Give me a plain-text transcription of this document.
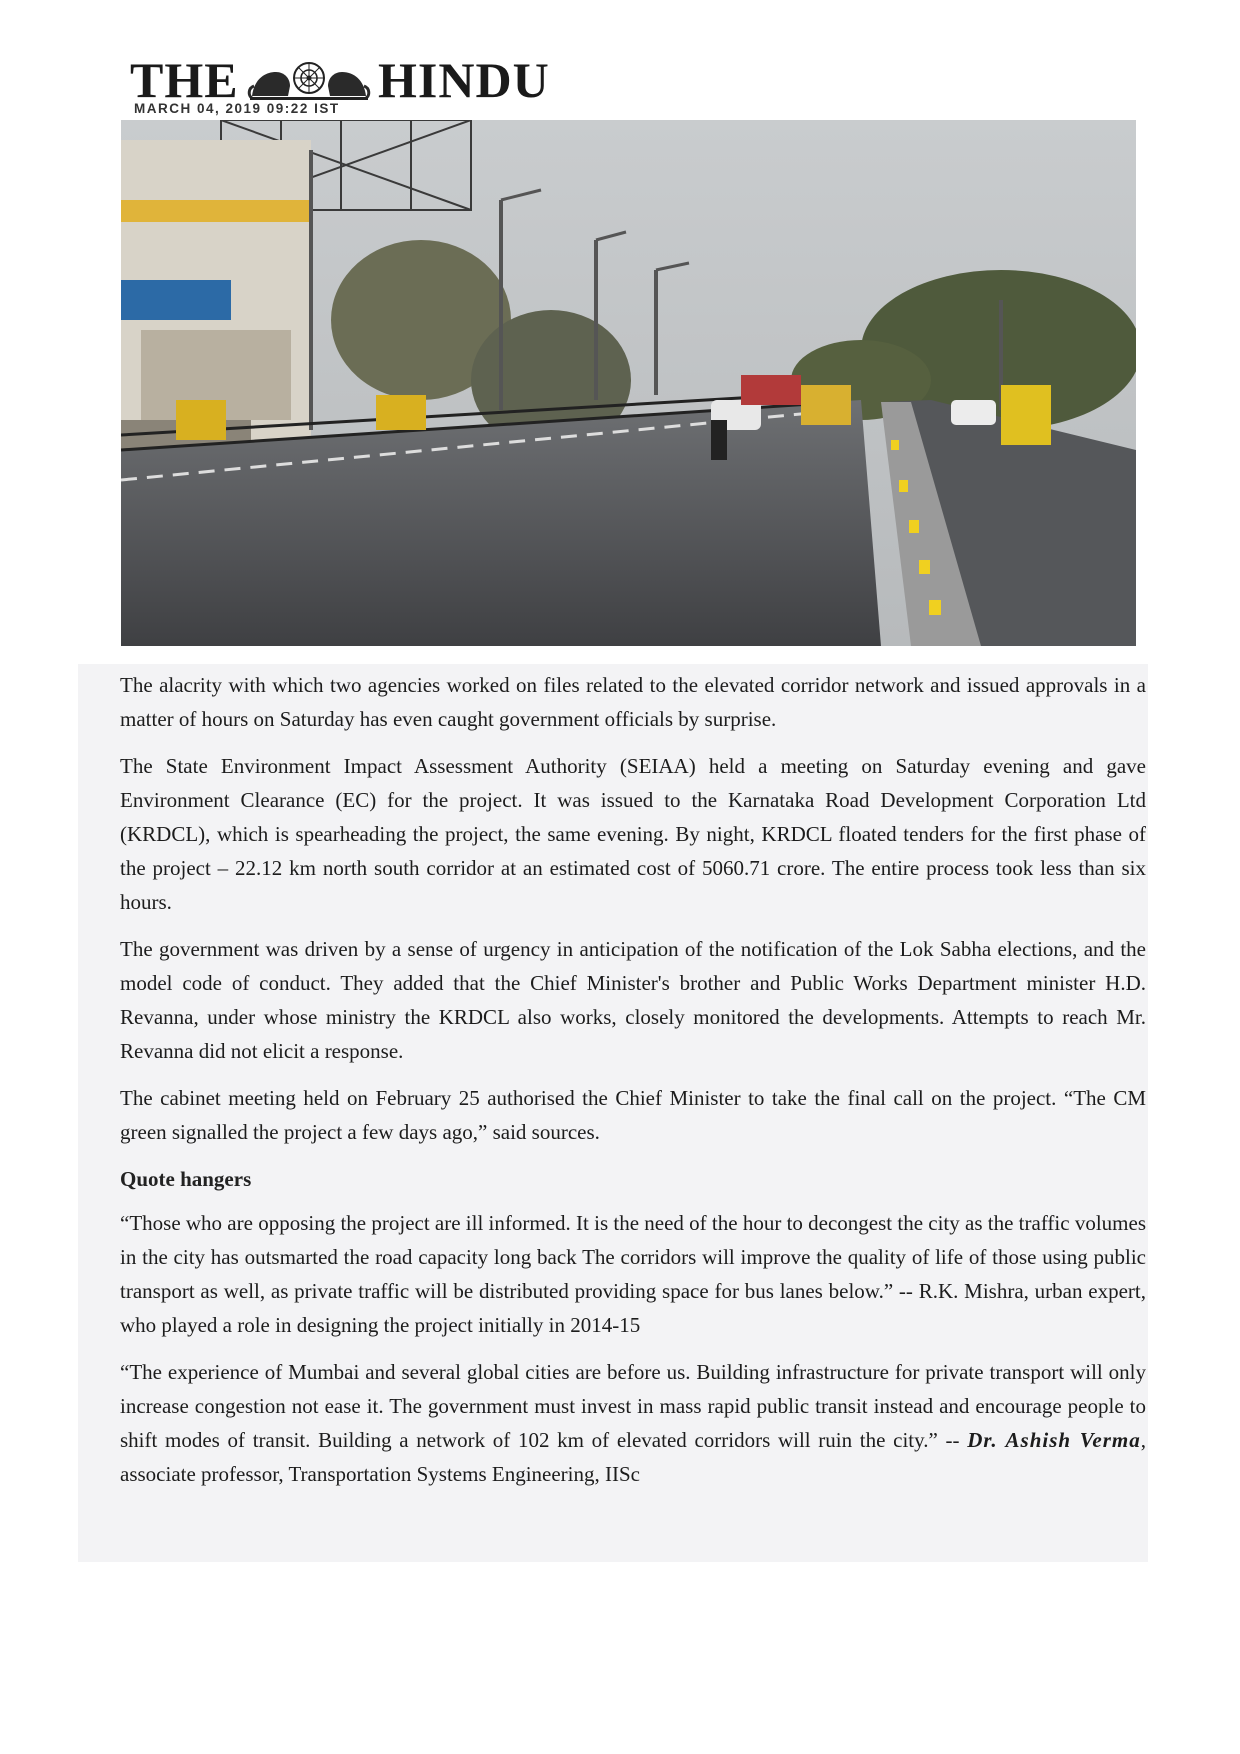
THE	HINDU
MARCH 04, 2019 09:22 IST

The alacrity with which two agencies worked on files related to the elevated corridor network and issued approvals in a matter of hours on Saturday has even caught government officials by surprise.

The State Environment Impact Assessment Authority (SEIAA) held a meeting on Saturday evening and gave Environment Clearance (EC) for the project. It was issued to the Karnataka Road Development Corporation Ltd (KRDCL), which is spearheading the project, the same evening. By night, KRDCL floated tenders for the first phase of the project – 22.12 km north south corridor at an estimated cost of 5060.71 crore. The entire process took less than six hours.

The government was driven by a sense of urgency in anticipation of the notification of the Lok Sabha elections, and the model code of conduct. They added that the Chief Minister's brother and Public Works Department minister H.D. Revanna, under whose ministry the KRDCL also works, closely monitored the developments. Attempts to reach Mr. Revanna did not elicit a response.

The cabinet meeting held on February 25 authorised the Chief Minister to take the final call on the project. “The CM green signalled the project a few days ago,” said sources.

Quote hangers

“Those who are opposing the project are ill informed. It is the need of the hour to decongest the city as the traffic volumes in the city has outsmarted the road capacity long back The corridors will improve the quality of life of those using public transport as well, as private traffic will be distributed providing space for bus lanes below.” -- R.K. Mishra, urban expert, who played a role in designing the project initially in 2014-15

“The experience of Mumbai and several global cities are before us. Building infrastructure for private transport will only increase congestion not ease it. The government must invest in mass rapid public transit instead and encourage people to shift modes of transit. Building a network of 102 km of elevated corridors will ruin the city.” -- Dr. Ashish Verma, associate professor, Transportation Systems Engineering, IISc
